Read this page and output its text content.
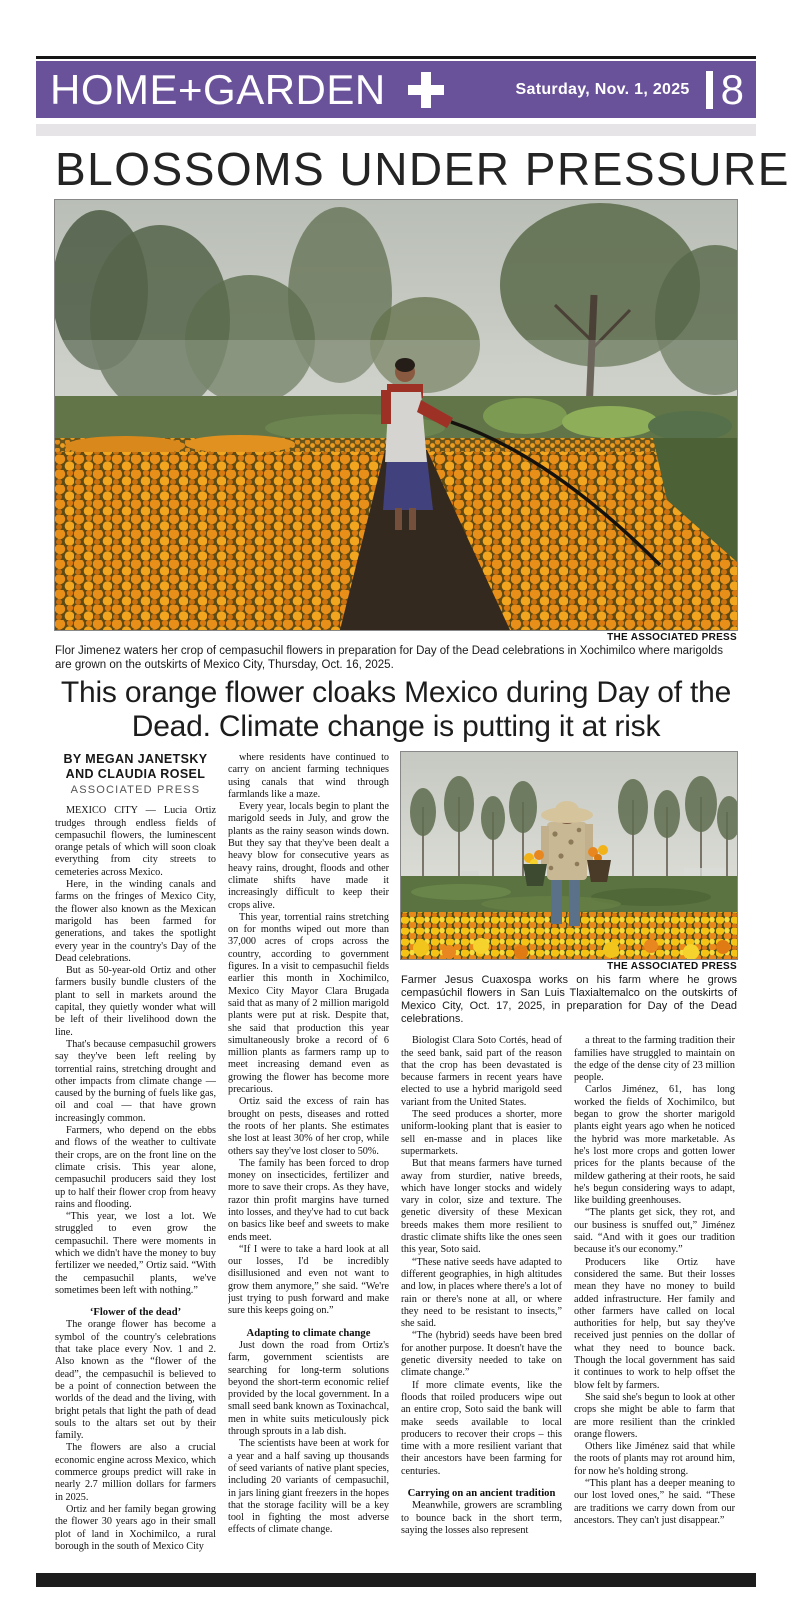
HOME+GARDEN	Saturday, Nov. 1, 2025 8
BLOSSOMS UNDER PRESSURE
THE ASSOCIATED PRESS
Flor Jimenez waters her crop of cempasuchil flowers in preparation for Day of the Dead celebrations in Xochimilco where marigolds are grown on the outskirts of Mexico City, Thursday, Oct. 16, 2025.
This orange flower cloaks Mexico during Day of the Dead. Climate change is putting it at risk
BY MEGAN JANETSKY
AND CLAUDIA ROSEL
ASSOCIATED PRESS

MEXICO CITY — Lucia Ortiz trudges through endless fields of cempasuchil flowers, the luminescent orange petals of which will soon cloak everything from city streets to cemeteries across Mexico.

Here, in the winding canals and farms on the fringes of Mexico City, the flower also known as the Mexican marigold has been farmed for generations, and takes the spotlight every year in the country's Day of the Dead celebrations.

But as 50-year-old Ortiz and other farmers busily bundle clusters of the plant to sell in markets around the capital, they quietly wonder what will be left of their livelihood down the line.

That's because cempasuchil growers say they've been left reeling by torrential rains, stretching drought and other impacts from climate change — caused by the burning of fuels like gas, oil and coal — that have grown increasingly common.

Farmers, who depend on the ebbs and flows of the weather to cultivate their crops, are on the front line on the climate crisis. This year alone, cempasuchil producers said they lost up to half their flower crop from heavy rains and flooding.

“This year, we lost a lot. We struggled to even grow the cempasuchil. There were moments in which we didn't have the money to buy fertilizer we needed,” Ortiz said. “With the cempasuchil plants, we've sometimes been left with nothing.”

‘Flower of the dead’

The orange flower has become a symbol of the country's celebrations that take place every Nov. 1 and 2. Also known as the “flower of the dead”, the cempasuchil is believed to be a point of connection between the worlds of the dead and the living, with bright petals that light the path of dead souls to the altars set out by their family.

The flowers are also a crucial economic engine across Mexico, which commerce groups predict will rake in nearly 2.7 million dollars for farmers in 2025.

Ortiz and her family began growing the flower 30 years ago in their small plot of land in Xochimilco, a rural borough in the south of Mexico City

where residents have continued to carry on ancient farming techniques using canals that wind through farmlands like a maze.

Every year, locals begin to plant the marigold seeds in July, and grow the plants as the rainy season winds down. But they say that they've been dealt a heavy blow for consecutive years as heavy rains, drought, floods and other climate shifts have made it increasingly difficult to keep their crops alive.

This year, torrential rains stretching on for months wiped out more than 37,000 acres of crops across the country, according to government figures. In a visit to cempasuchil fields earlier this month in Xochimilco, Mexico City Mayor Clara Brugada said that as many of 2 million marigold plants were put at risk. Despite that, she said that production this year simultaneously broke a record of 6 million plants as farmers ramp up to meet increasing demand even as growing the flower has become more precarious.

Ortiz said the excess of rain has brought on pests, diseases and rotted the roots of her plants. She estimates she lost at least 30% of her crop, while others say they've lost closer to 50%.

The family has been forced to drop money on insecticides, fertilizer and more to save their crops. As they have, razor thin profit margins have turned into losses, and they've had to cut back on basics like beef and sweets to make ends meet.

“If I were to take a hard look at all our losses, I'd be incredibly disillusioned and even not want to grow them anymore,” she said. “We're just trying to push forward and make sure this keeps going on.”

Adapting to climate change

Just down the road from Ortiz's farm, government scientists are searching for long-term solutions beyond the short-term economic relief provided by the local government. In a small seed bank known as Toxinachcal, men in white suits meticulously pick through sprouts in a lab dish.

The scientists have been at work for a year and a half saving up thousands of seed variants of native plant species, including 20 variants of cempasuchil, in jars lining giant freezers in the hopes that the storage facility will be a key tool in fighting the most adverse effects of climate change.

THE ASSOCIATED PRESS
Farmer Jesus Cuaxospa works on his farm where he grows cempasúchil flowers in San Luis Tlaxialtemalco on the outskirts of Mexico City, Oct. 17, 2025, in preparation for Day of the Dead celebrations.

Biologist Clara Soto Cortés, head of the seed bank, said part of the reason that the crop has been devastated is because farmers in recent years have elected to use a hybrid marigold seed variant from the United States.

The seed produces a shorter, more uniform-looking plant that is easier to sell en-masse and in places like supermarkets.

But that means farmers have turned away from sturdier, native breeds, which have longer stocks and widely vary in color, size and texture. The genetic diversity of these Mexican breeds makes them more resilient to drastic climate shifts like the ones seen this year, Soto said.

“These native seeds have adapted to different geographies, in high altitudes and low, in places where there's a lot of rain or there's none at all, or where they need to be resistant to insects,” she said.

“The (hybrid) seeds have been bred for another purpose. It doesn't have the genetic diversity needed to take on climate change.”

If more climate events, like the floods that roiled producers wipe out an entire crop, Soto said the bank will make seeds available to local producers to recover their crops – this time with a more resilient variant that their ancestors have been farming for centuries.

Carrying on an ancient tradition

Meanwhile, growers are scrambling to bounce back in the short term, saying the losses also represent

a threat to the farming tradition their families have struggled to maintain on the edge of the dense city of 23 million people.

Carlos Jiménez, 61, has long worked the fields of Xochimilco, but began to grow the shorter marigold plants eight years ago when he noticed the hybrid was more marketable. As he's lost more crops and gotten lower prices for the plants because of the mildew gathering at their roots, he said he's begun considering ways to adapt, like building greenhouses.

“The plants get sick, they rot, and our business is snuffed out,” Jiménez said. “And with it goes our tradition because it's our economy.”

Producers like Ortiz have considered the same. But their losses mean they have no money to build added infrastructure. Her family and other farmers have called on local authorities for help, but say they've received just pennies on the dollar of what they need to bounce back. Though the local government has said it continues to work to help offset the blow felt by farmers.

She said she's begun to look at other crops she might be able to farm that are more resilient than the crinkled orange flowers.

Others like Jiménez said that while the roots of plants may rot around him, for now he's holding strong.

“This plant has a deeper meaning to our lost loved ones,” he said. “These are traditions we carry down from our ancestors. They can't just disappear.”
